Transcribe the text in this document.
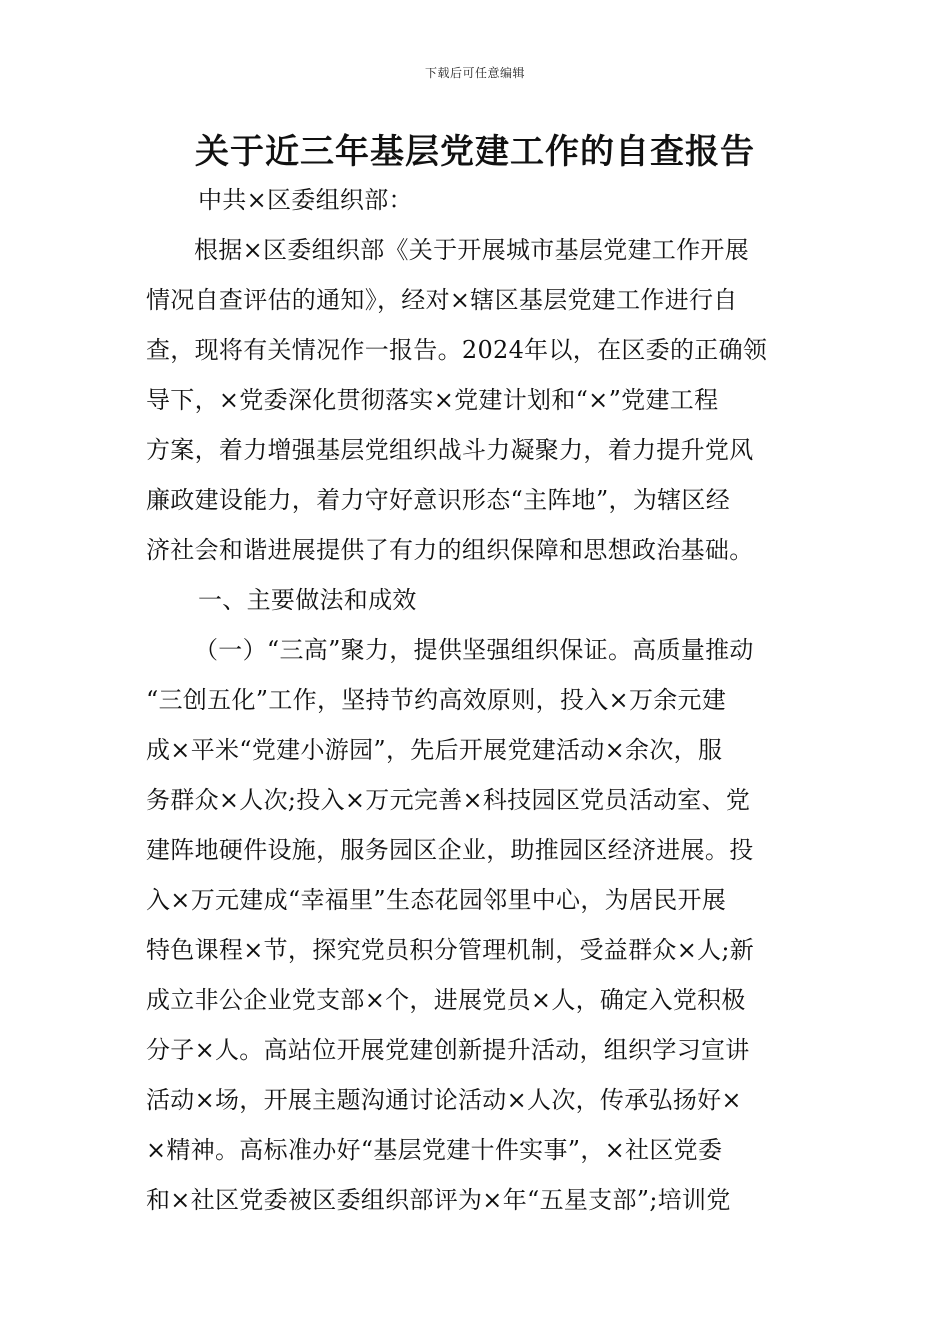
下载后可任意编辑
关于近三年基层党建工作的自查报告
中共×区委组织部：
根据×区委组织部《关于开展城市基层党建工作开展
情况自查评估的通知》，经对×辖区基层党建工作进行自
查，现将有关情况作一报告。2024年以，在区委的正确领
导下，×党委深化贯彻落实×党建计划和“×”党建工程
方案，着力增强基层党组织战斗力凝聚力，着力提升党风
廉政建设能力，着力守好意识形态“主阵地”，为辖区经
济社会和谐进展提供了有力的组织保障和思想政治基础。
一、主要做法和成效
（一）“三高”聚力，提供坚强组织保证。高质量推动
“三创五化”工作，坚持节约高效原则，投入×万余元建
成×平米“党建小游园”，先后开展党建活动×余次，服
务群众×人次;投入×万元完善×科技园区党员活动室、党
建阵地硬件设施，服务园区企业，助推园区经济进展。投
入×万元建成“幸福里”生态花园邻里中心，为居民开展
特色课程×节，探究党员积分管理机制，受益群众×人;新
成立非公企业党支部×个，进展党员×人，确定入党积极
分子×人。高站位开展党建创新提升活动，组织学习宣讲
活动×场，开展主题沟通讨论活动×人次，传承弘扬好×
×精神。高标准办好“基层党建十件实事”，×社区党委
和×社区党委被区委组织部评为×年“五星支部”;培训党
